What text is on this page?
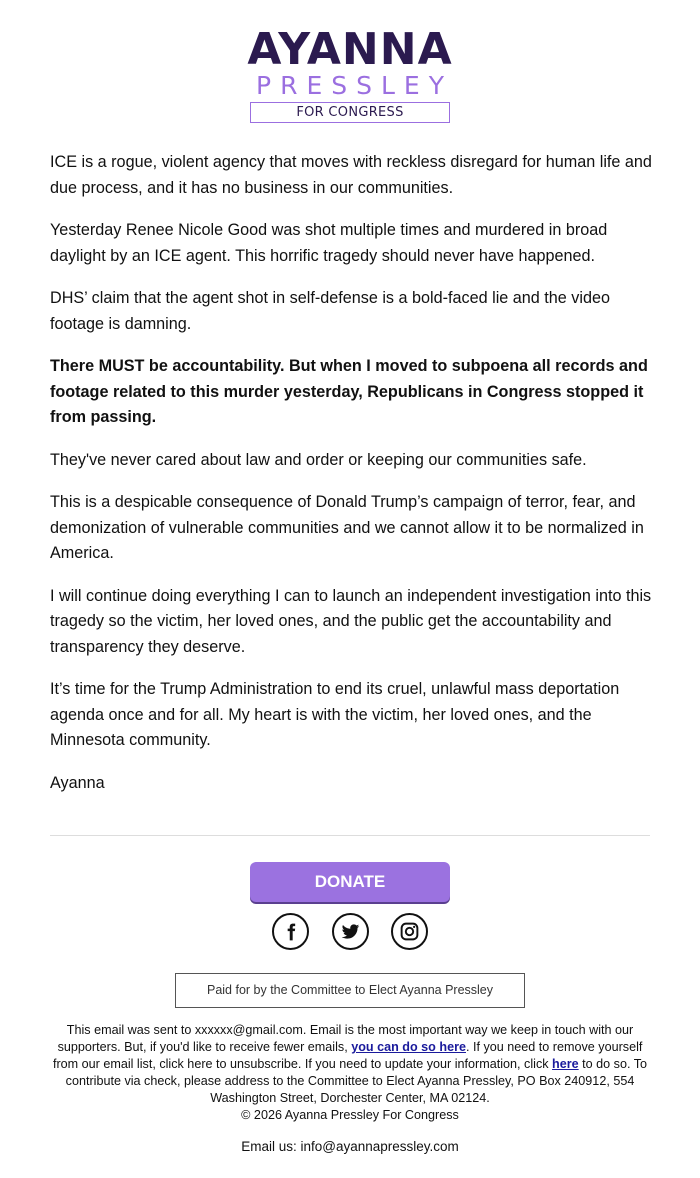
AYANNA
PRESSLEY
FOR CONGRESS

ICE is a rogue, violent agency that moves with reckless disregard for human life and due process, and it has no business in our communities.

Yesterday Renee Nicole Good was shot multiple times and murdered in broad daylight by an ICE agent. This horrific tragedy should never have happened.

DHS’ claim that the agent shot in self-defense is a bold-faced lie and the video footage is damning.

There MUST be accountability. But when I moved to subpoena all records and footage related to this murder yesterday, Republicans in Congress stopped it from passing.

They've never cared about law and order or keeping our communities safe.

This is a despicable consequence of Donald Trump’s campaign of terror, fear, and demonization of vulnerable communities and we cannot allow it to be normalized in America.

I will continue doing everything I can to launch an independent investigation into this tragedy so the victim, her loved ones, and the public get the accountability and transparency they deserve.

It’s time for the Trump Administration to end its cruel, unlawful mass deportation agenda once and for all. My heart is with the victim, her loved ones, and the Minnesota community.

Ayanna

DONATE
Paid for by the Committee to Elect Ayanna Pressley
This email was sent to xxxxxx@gmail.com. Email is the most important way we keep in touch with our supporters. But, if you'd like to receive fewer emails, you can do so here. If you need to remove yourself from our email list, click here to unsubscribe. If you need to update your information, click here to do so. To contribute via check, please address to the Committee to Elect Ayanna Pressley, PO Box 240912, 554 Washington Street, Dorchester Center, MA 02124.
© 2026 Ayanna Pressley For Congress
Email us: info@ayannapressley.com
